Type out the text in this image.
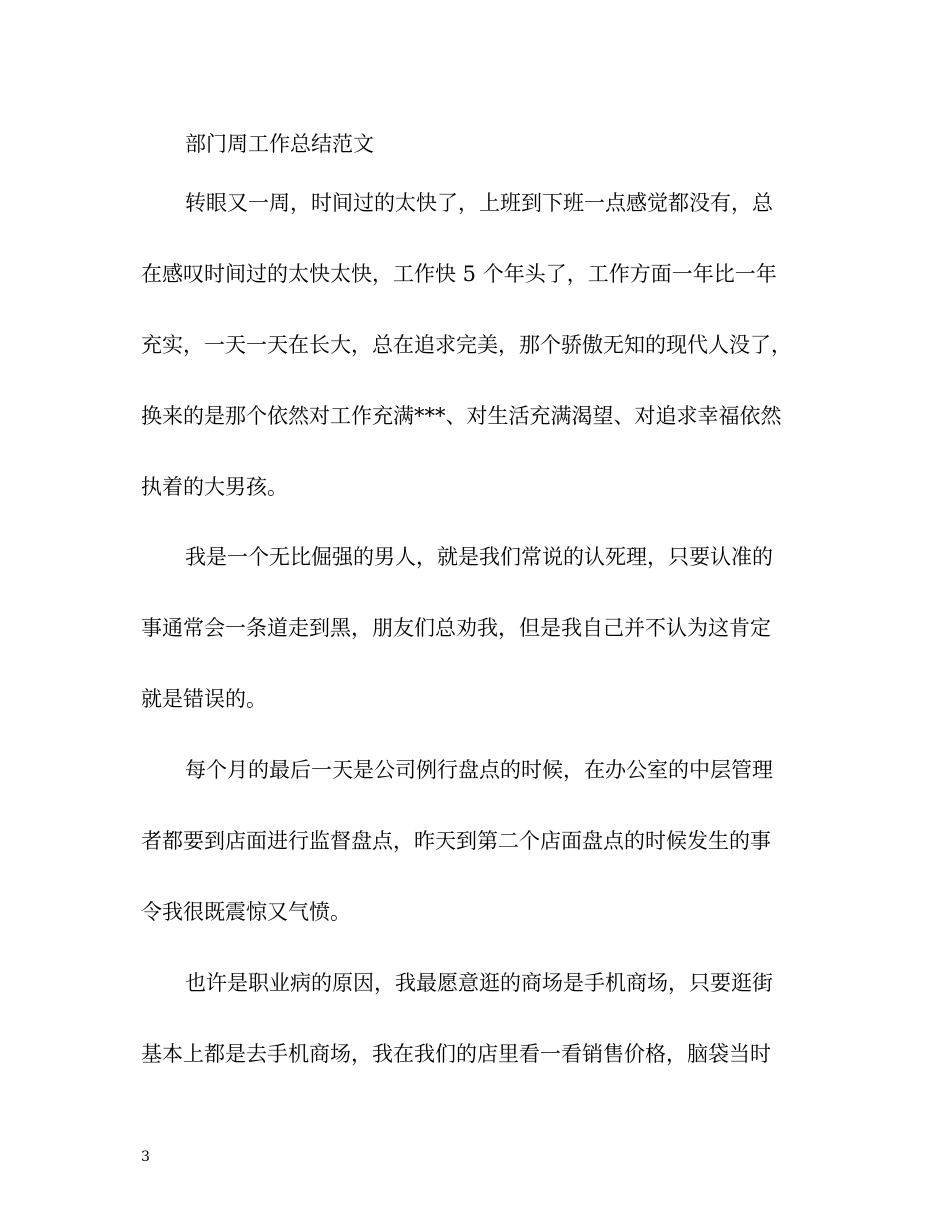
部门周工作总结范文
转眼又一周，时间过的太快了，上班到下班一点感觉都没有，总
在感叹时间过的太快太快，工作快 5 个年头了，工作方面一年比一年
充实，一天一天在长大，总在追求完美，那个骄傲无知的现代人没了，
换来的是那个依然对工作充满***、对生活充满渴望、对追求幸福依然
执着的大男孩。
我是一个无比倔强的男人，就是我们常说的认死理，只要认准的
事通常会一条道走到黑，朋友们总劝我，但是我自己并不认为这肯定
就是错误的。
每个月的最后一天是公司例行盘点的时候，在办公室的中层管理
者都要到店面进行监督盘点，昨天到第二个店面盘点的时候发生的事
令我很既震惊又气愤。
也许是职业病的原因，我最愿意逛的商场是手机商场，只要逛街
基本上都是去手机商场，我在我们的店里看一看销售价格，脑袋当时
3
